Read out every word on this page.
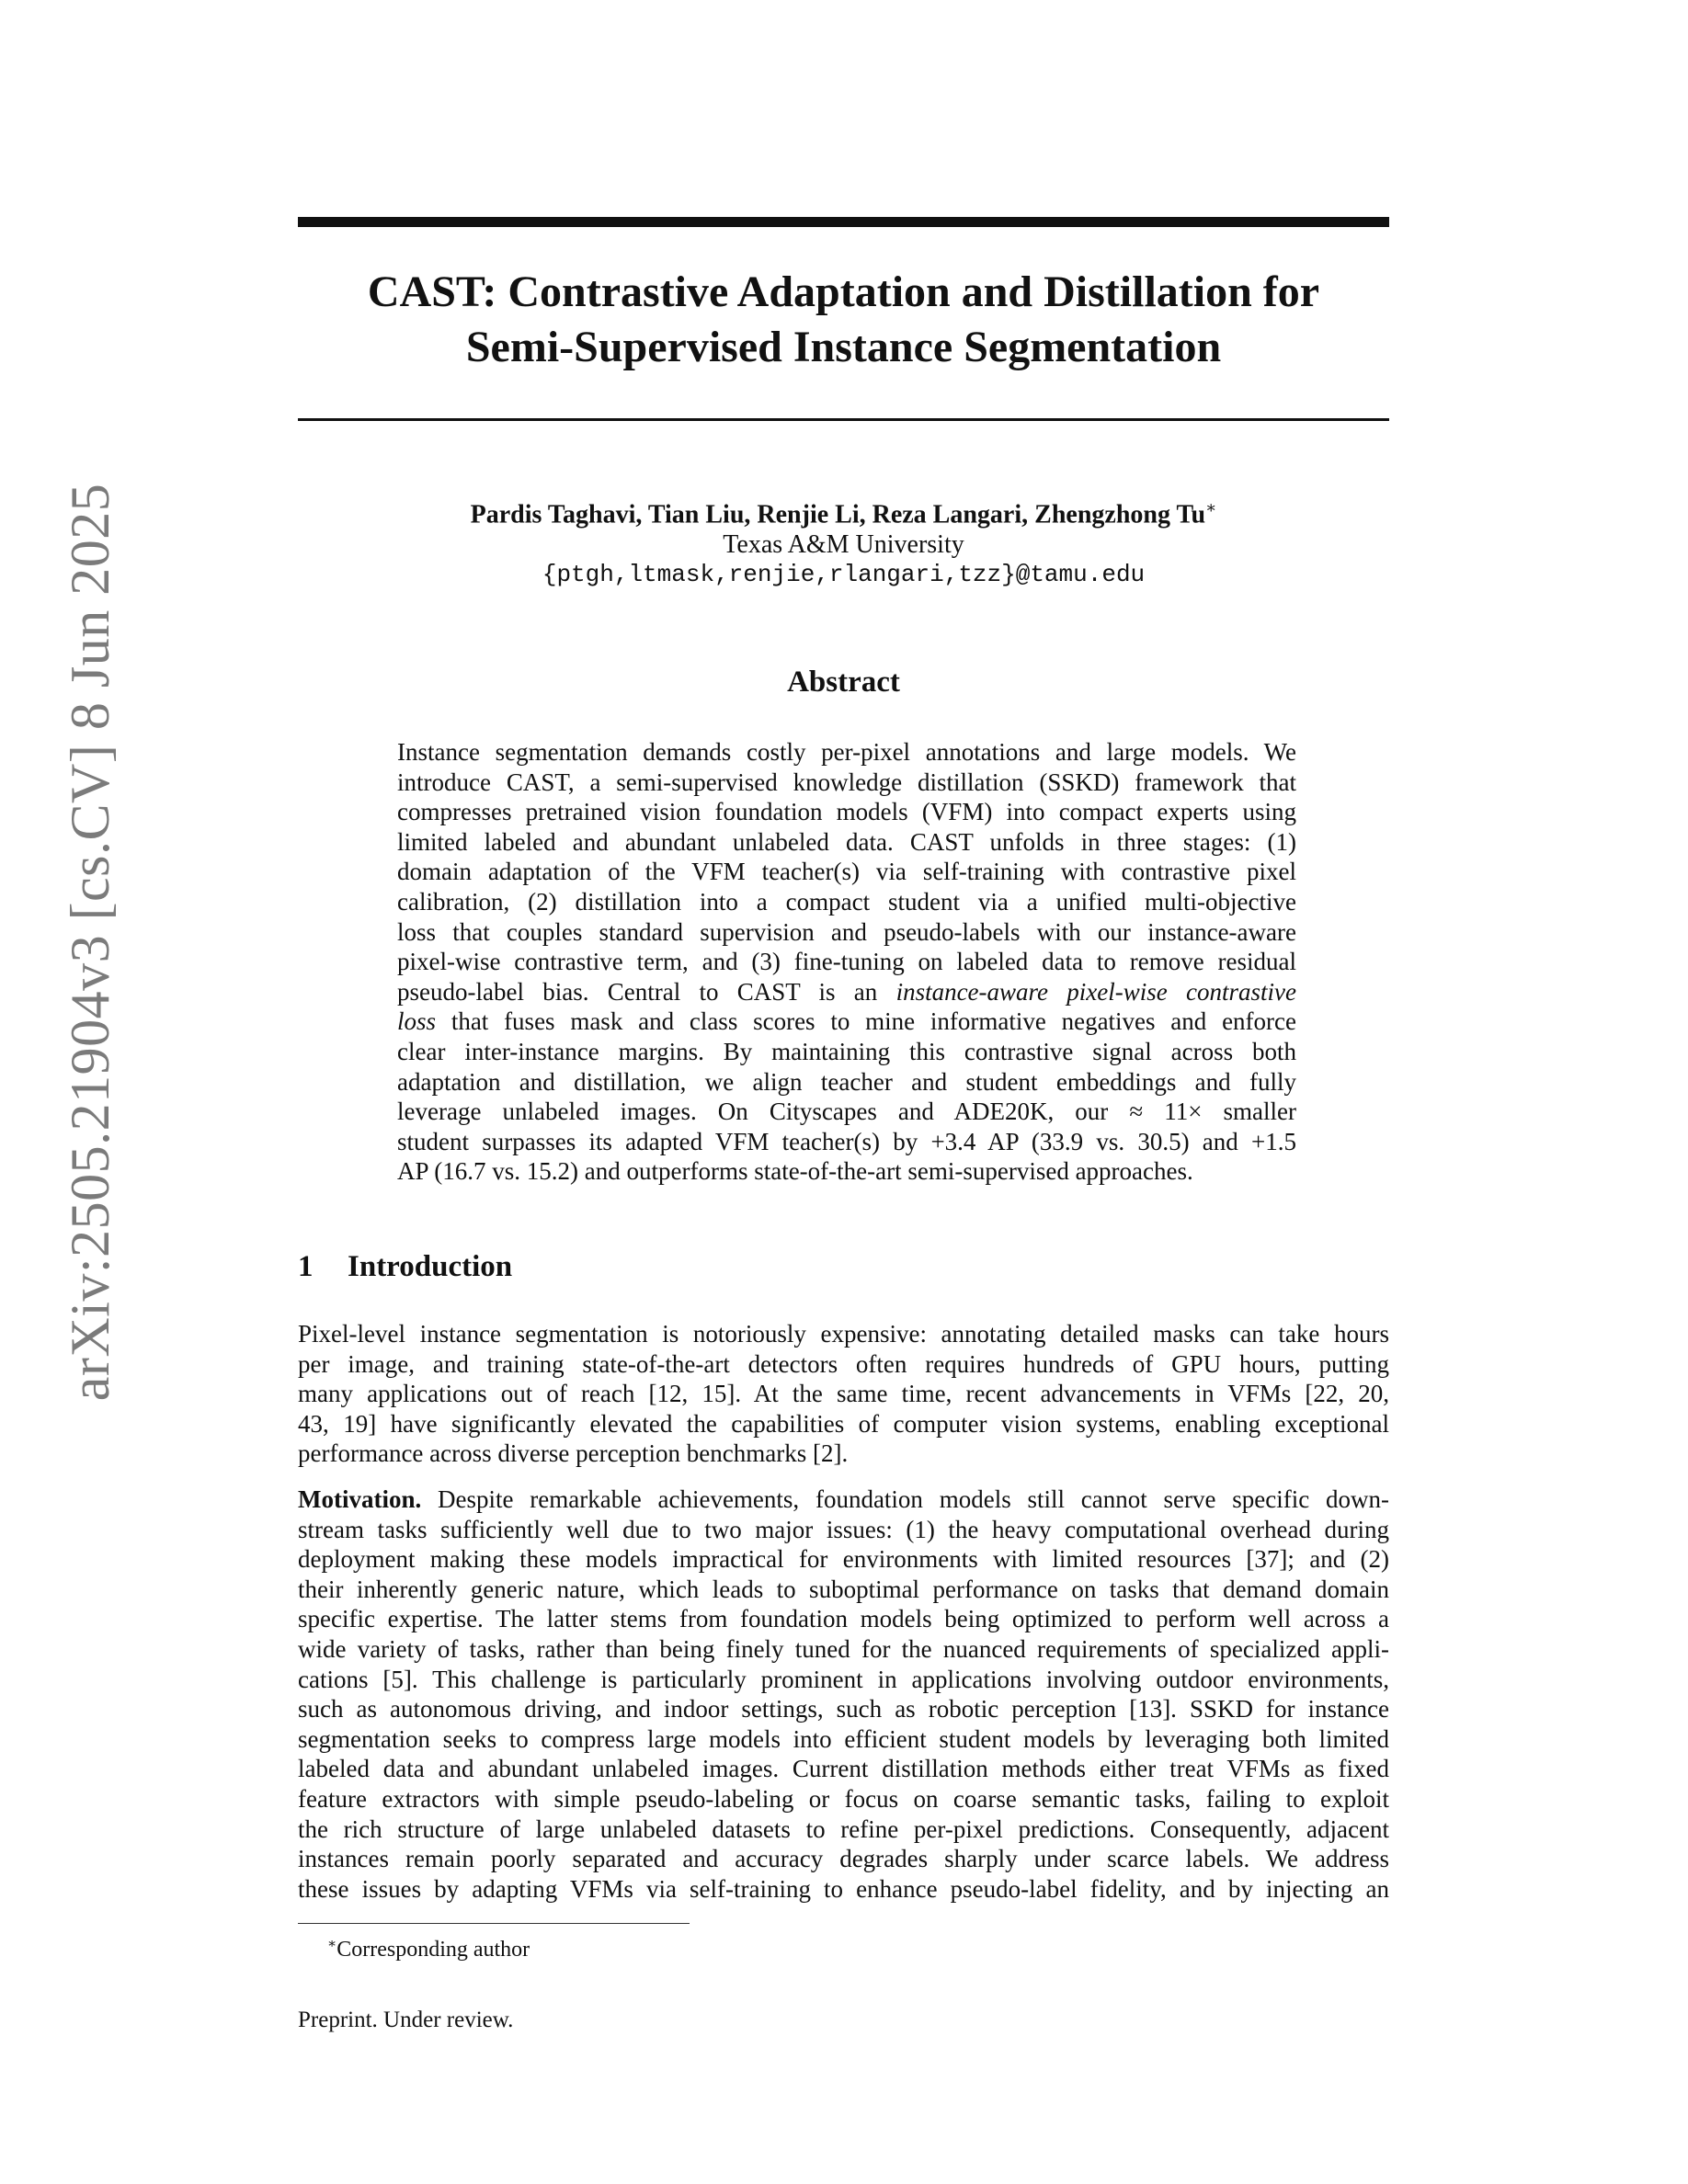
arXiv:2505.21904v3 [cs.CV] 8 Jun 2025
CAST: Contrastive Adaptation and Distillation for
Semi-Supervised Instance Segmentation
Pardis Taghavi, Tian Liu, Renjie Li, Reza Langari, Zhengzhong Tu∗
Texas A&M University
{ptgh,ltmask,renjie,rlangari,tzz}@tamu.edu
Abstract
Instance segmentation demands costly per-pixel annotations and large models. We
introduce CAST, a semi-supervised knowledge distillation (SSKD) framework that
compresses pretrained vision foundation models (VFM) into compact experts using
limited labeled and abundant unlabeled data. CAST unfolds in three stages: (1)
domain adaptation of the VFM teacher(s) via self-training with contrastive pixel
calibration, (2) distillation into a compact student via a unified multi-objective
loss that couples standard supervision and pseudo-labels with our instance-aware
pixel-wise contrastive term, and (3) fine-tuning on labeled data to remove residual
pseudo-label bias. Central to CAST is an instance-aware pixel-wise contrastive
loss that fuses mask and class scores to mine informative negatives and enforce
clear inter-instance margins. By maintaining this contrastive signal across both
adaptation and distillation, we align teacher and student embeddings and fully
leverage unlabeled images. On Cityscapes and ADE20K, our ≈ 11× smaller
student surpasses its adapted VFM teacher(s) by +3.4 AP (33.9 vs. 30.5) and +1.5
AP (16.7 vs. 15.2) and outperforms state-of-the-art semi-supervised approaches.
1 Introduction
Pixel-level instance segmentation is notoriously expensive: annotating detailed masks can take hours
per image, and training state-of-the-art detectors often requires hundreds of GPU hours, putting
many applications out of reach [12, 15]. At the same time, recent advancements in VFMs [22, 20,
43, 19] have significantly elevated the capabilities of computer vision systems, enabling exceptional
performance across diverse perception benchmarks [2].
Motivation. Despite remarkable achievements, foundation models still cannot serve specific down-
stream tasks sufficiently well due to two major issues: (1) the heavy computational overhead during
deployment making these models impractical for environments with limited resources [37]; and (2)
their inherently generic nature, which leads to suboptimal performance on tasks that demand domain
specific expertise. The latter stems from foundation models being optimized to perform well across a
wide variety of tasks, rather than being finely tuned for the nuanced requirements of specialized appli-
cations [5]. This challenge is particularly prominent in applications involving outdoor environments,
such as autonomous driving, and indoor settings, such as robotic perception [13]. SSKD for instance
segmentation seeks to compress large models into efficient student models by leveraging both limited
labeled data and abundant unlabeled images. Current distillation methods either treat VFMs as fixed
feature extractors with simple pseudo-labeling or focus on coarse semantic tasks, failing to exploit
the rich structure of large unlabeled datasets to refine per-pixel predictions. Consequently, adjacent
instances remain poorly separated and accuracy degrades sharply under scarce labels. We address
these issues by adapting VFMs via self-training to enhance pseudo-label fidelity, and by injecting an
∗Corresponding author
Preprint. Under review.
